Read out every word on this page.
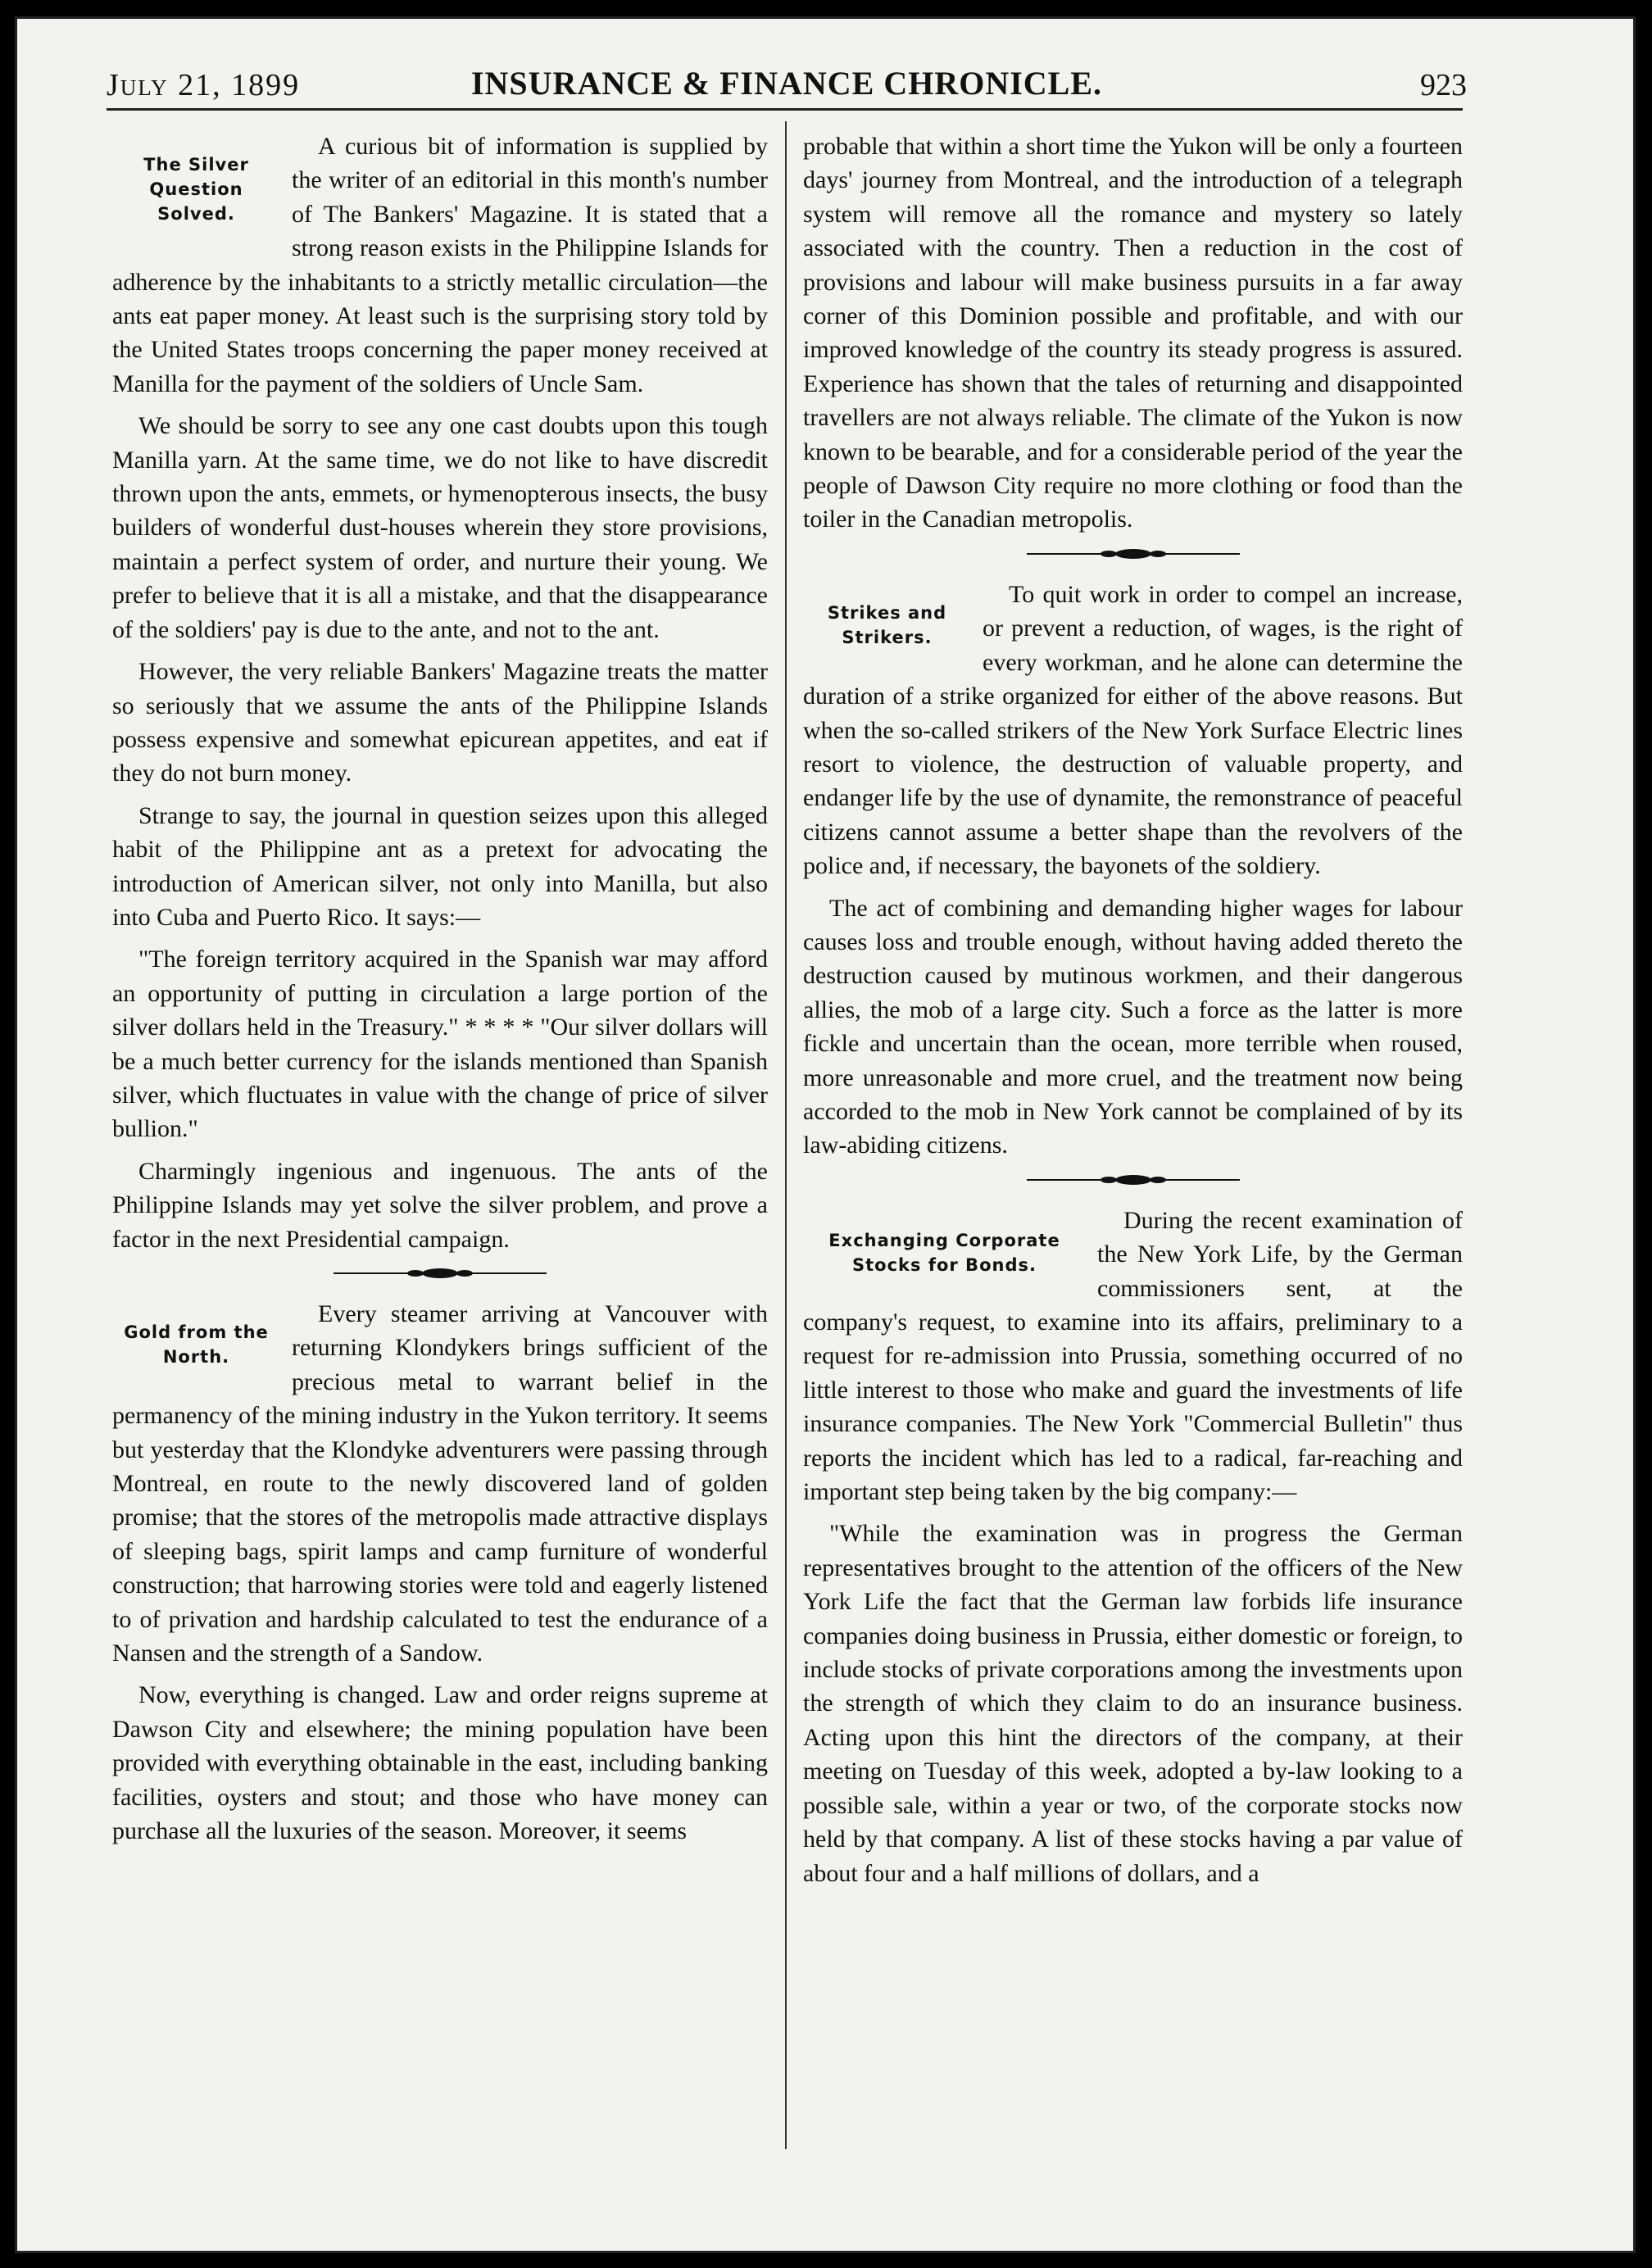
July 21, 1899	INSURANCE & FINANCE CHRONICLE.	923
The Silver Question Solved.

A curious bit of information is supplied by the writer of an editorial in this month's number of The Bankers' Magazine. It is stated that a strong reason exists in the Philippine Islands for adherence by the inhabitants to a strictly metallic circulation—the ants eat paper money. At least such is the surprising story told by the United States troops concerning the paper money received at Manilla for the payment of the soldiers of Uncle Sam.

We should be sorry to see any one cast doubts upon this tough Manilla yarn. At the same time, we do not like to have discredit thrown upon the ants, emmets, or hymenopterous insects, the busy builders of wonderful dust-houses wherein they store provisions, maintain a perfect system of order, and nurture their young. We prefer to believe that it is all a mistake, and that the disappearance of the soldiers' pay is due to the ante, and not to the ant.

However, the very reliable Bankers' Magazine treats the matter so seriously that we assume the ants of the Philippine Islands possess expensive and somewhat epicurean appetites, and eat if they do not burn money.

Strange to say, the journal in question seizes upon this alleged habit of the Philippine ant as a pretext for advocating the introduction of American silver, not only into Manilla, but also into Cuba and Puerto Rico. It says:—

"The foreign territory acquired in the Spanish war may afford an opportunity of putting in circulation a large portion of the silver dollars held in the Treasury." * * * * "Our silver dollars will be a much better currency for the islands mentioned than Spanish silver, which fluctuates in value with the change of price of silver bullion."

Charmingly ingenious and ingenuous. The ants of the Philippine Islands may yet solve the silver problem, and prove a factor in the next Presidential campaign.

Gold from the North.

Every steamer arriving at Vancouver with returning Klondykers brings sufficient of the precious metal to warrant belief in the permanency of the mining industry in the Yukon territory. It seems but yesterday that the Klondyke adventurers were passing through Montreal, en route to the newly discovered land of golden promise; that the stores of the metropolis made attractive displays of sleeping bags, spirit lamps and camp furniture of wonderful construction; that harrowing stories were told and eagerly listened to of privation and hardship calculated to test the endurance of a Nansen and the strength of a Sandow.

Now, everything is changed. Law and order reigns supreme at Dawson City and elsewhere; the mining population have been provided with everything obtainable in the east, including banking facilities, oysters and stout; and those who have money can purchase all the luxuries of the season. Moreover, it seems

probable that within a short time the Yukon will be only a fourteen days' journey from Montreal, and the introduction of a telegraph system will remove all the romance and mystery so lately associated with the country. Then a reduction in the cost of provisions and labour will make business pursuits in a far away corner of this Dominion possible and profitable, and with our improved knowledge of the country its steady progress is assured. Experience has shown that the tales of returning and disappointed travellers are not always reliable. The climate of the Yukon is now known to be bearable, and for a considerable period of the year the people of Dawson City require no more clothing or food than the toiler in the Canadian metropolis.

Strikes and Strikers.

To quit work in order to compel an increase, or prevent a reduction, of wages, is the right of every workman, and he alone can determine the duration of a strike organized for either of the above reasons. But when the so-called strikers of the New York Surface Electric lines resort to violence, the destruction of valuable property, and endanger life by the use of dynamite, the remonstrance of peaceful citizens cannot assume a better shape than the revolvers of the police and, if necessary, the bayonets of the soldiery.

The act of combining and demanding higher wages for labour causes loss and trouble enough, without having added thereto the destruction caused by mutinous workmen, and their dangerous allies, the mob of a large city. Such a force as the latter is more fickle and uncertain than the ocean, more terrible when roused, more unreasonable and more cruel, and the treatment now being accorded to the mob in New York cannot be complained of by its law-abiding citizens.

Exchanging Corporate Stocks for Bonds.

During the recent examination of the New York Life, by the German commissioners sent, at the company's request, to examine into its affairs, preliminary to a request for re-admission into Prussia, something occurred of no little interest to those who make and guard the investments of life insurance companies. The New York "Commercial Bulletin" thus reports the incident which has led to a radical, far-reaching and important step being taken by the big company:—

"While the examination was in progress the German representatives brought to the attention of the officers of the New York Life the fact that the German law forbids life insurance companies doing business in Prussia, either domestic or foreign, to include stocks of private corporations among the investments upon the strength of which they claim to do an insurance business. Acting upon this hint the directors of the company, at their meeting on Tuesday of this week, adopted a by-law looking to a possible sale, within a year or two, of the corporate stocks now held by that company. A list of these stocks having a par value of about four and a half millions of dollars, and a
